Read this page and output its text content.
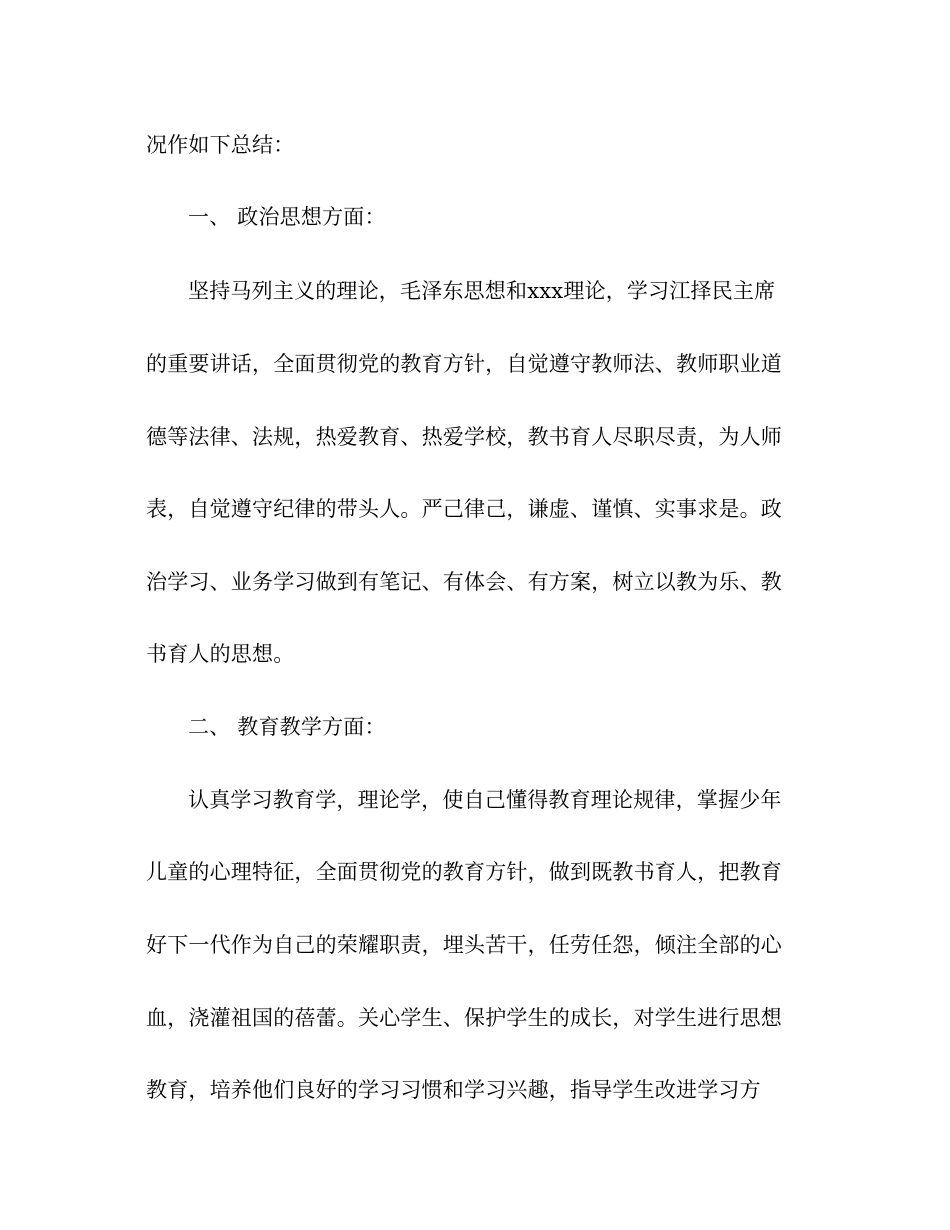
况作如下总结：
一、 政治思想方面：
坚持马列主义的理论，毛泽东思想和xxx理论，学习江择民主席
的重要讲话，全面贯彻党的教育方针，自觉遵守教师法、教师职业道
德等法律、法规，热爱教育、热爱学校，教书育人尽职尽责，为人师
表，自觉遵守纪律的带头人。严己律己，谦虚、谨慎、实事求是。政
治学习、业务学习做到有笔记、有体会、有方案，树立以教为乐、教
书育人的思想。
二、 教育教学方面：
认真学习教育学，理论学，使自己懂得教育理论规律，掌握少年
儿童的心理特征，全面贯彻党的教育方针，做到既教书育人，把教育
好下一代作为自己的荣耀职责，埋头苦干，任劳任怨，倾注全部的心
血，浇灌祖国的蓓蕾。关心学生、保护学生的成长，对学生进行思想
教育，培养他们良好的学习习惯和学习兴趣，指导学生改进学习方
